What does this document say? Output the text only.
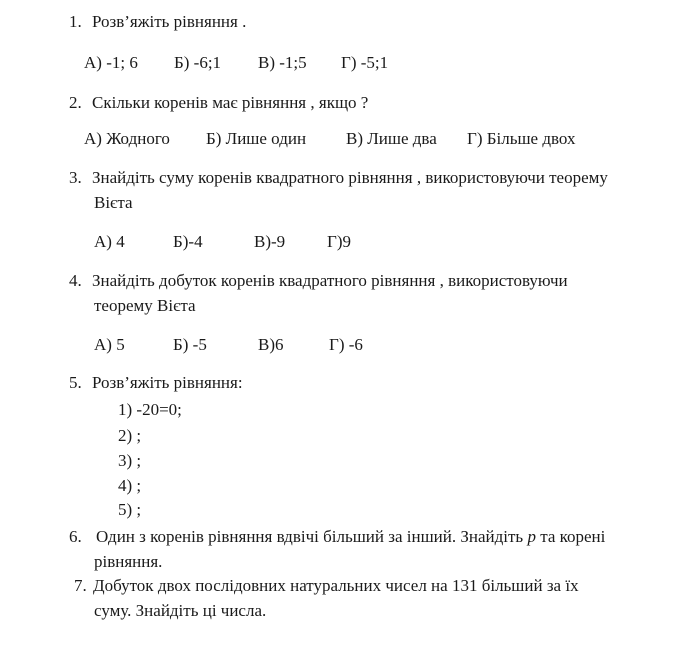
1. Розв’яжіть рівняння .
А) -1; 6 Б) -6;1 В) -1;5 Г) -5;1
2. Скільки коренів має рівняння , якщо ?
А) Жодного Б) Лише один В) Лише два Г) Більше двох
3. Знайдіть суму коренів квадратного рівняння , використовуючи теорему
Вієта
А) 4	Б)-4	В)-9 Г)9
4. Знайдіть добуток коренів квадратного рівняння , використовуючи
теорему Вієта
А) 5	Б) -5	В)6	Г) -6
5. Розв’яжіть рівняння:
1) -20=0;
2) ;
3) ;
4) ;
5) ;
6. Один з коренів рівняння вдвічі більший за інший. Знайдіть p та корені
рівняння.
7. Добуток двох послідовних натуральних чисел на 131 більший за їх
суму. Знайдіть ці числа.
